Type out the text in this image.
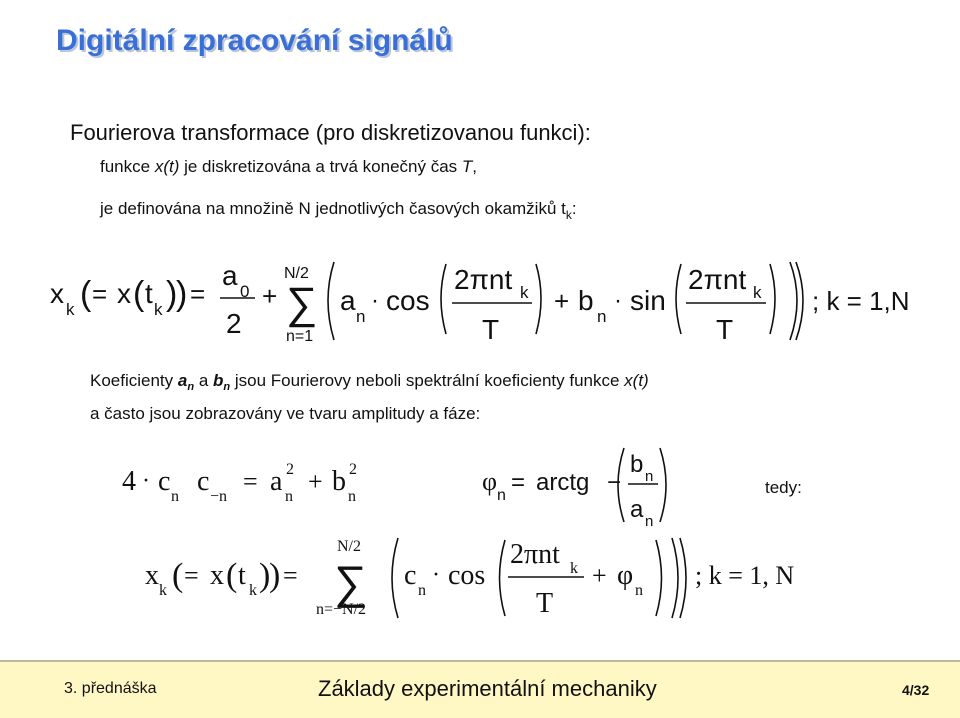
Digitální zpracování signálů
Fourierova transformace (pro diskretizovanou funkci):
funkce x(t) je diskretizována a trvá konečný čas T,
je definována na množině N jednotlivých časových okamžiků $t_k$:
x
k ( = x ( t
k )
) =
a
0
2
+
N/2
∑
n=1
a
n
· cos
2πnt k
T
+ b
n
· sin
2πnt k
T
; k = 1,N
4 · c n c −n
= a 2
n
+ b 2
n
φ n = arctg −
b n
a n
tedy:
x k ( = x ( t k )
) =
N/2
∑
n=−N/2
c n
· cos
2πnt k
T
+ φ n
; k = 1, N
Koeficienty $a_n$ a $b_n$ jsou Fourierovy neboli spektrální koeficienty funkce x(t)
a často jsou zobrazovány ve tvaru amplitudy a fáze:
3. přednáška	Základy experimentální mechaniky	4/32
